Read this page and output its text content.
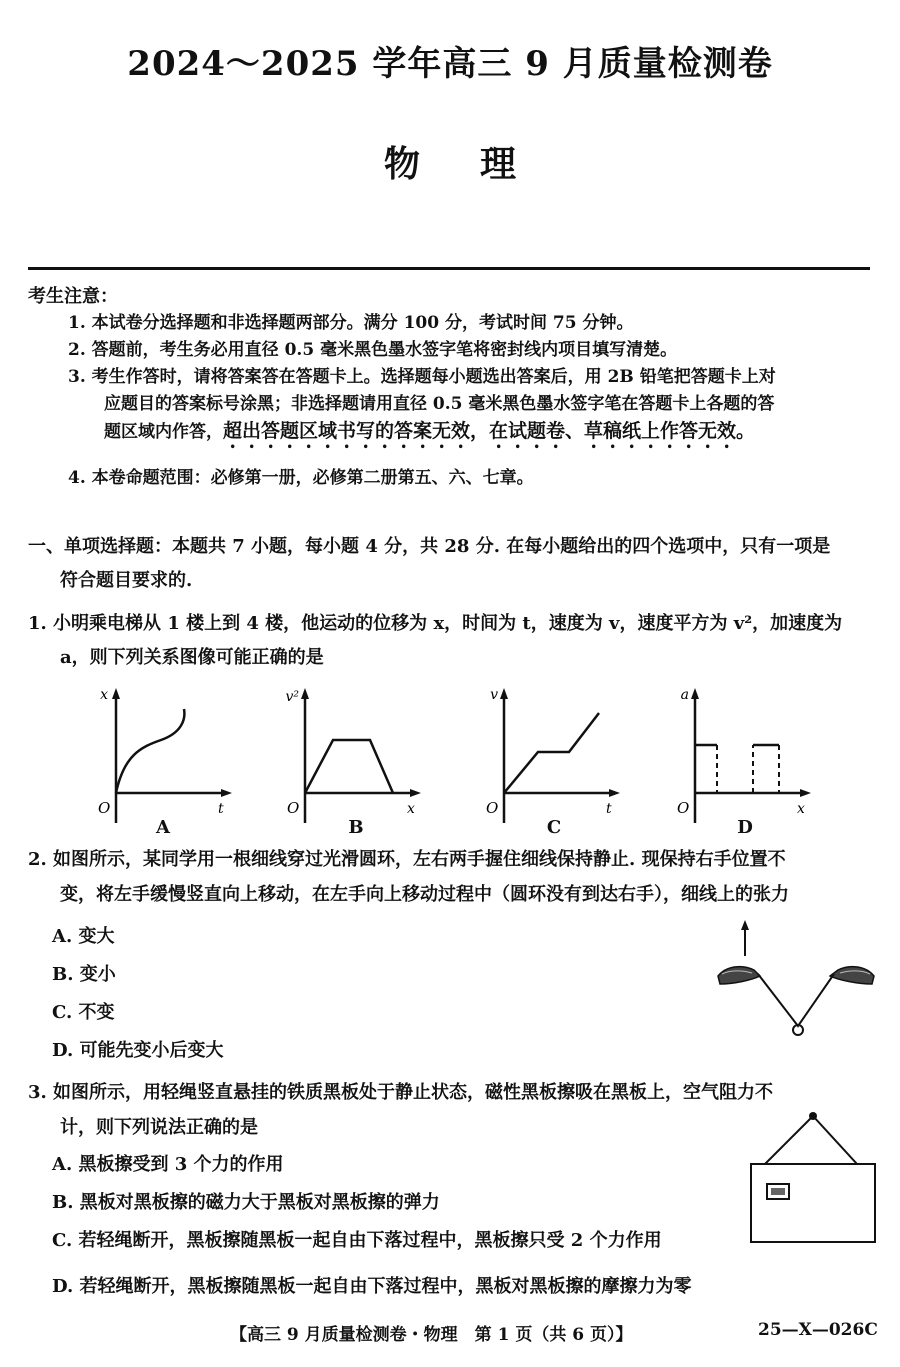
2024～2025 学年高三 9 月质量检测卷
物理
考生注意：
1. 本试卷分选择题和非选择题两部分。满分 100 分，考试时间 75 分钟。
2. 答题前，考生务必用直径 0.5 毫米黑色墨水签字笔将密封线内项目填写清楚。
3. 考生作答时，请将答案答在答题卡上。选择题每小题选出答案后，用 2B 铅笔把答题卡上对
应题目的答案标号涂黑；非选择题请用直径 0.5 毫米黑色墨水签字笔在答题卡上各题的答
题区域内作答，超出答题区域书写的答案无效，在试题卷、草稿纸上作答无效。
4. 本卷命题范围：必修第一册，必修第二册第五、六、七章。
一、单项选择题：本题共 7 小题，每小题 4 分，共 28 分. 在每小题给出的四个选项中，只有一项是
符合题目要求的.
1. 小明乘电梯从 1 楼上到 4 楼，他运动的位移为 x，时间为 t，速度为 v，速度平方为 v²，加速度为
a，则下列关系图像可能正确的是
x
t
O
A
v²
x
O
B
v
t
O
C
a
x
O
D
2. 如图所示，某同学用一根细线穿过光滑圆环，左右两手握住细线保持静止. 现保持右手位置不
变，将左手缓慢竖直向上移动，在左手向上移动过程中（圆环没有到达右手），细线上的张力
A. 变大
B. 变小
C. 不变
D. 可能先变小后变大
3. 如图所示，用轻绳竖直悬挂的铁质黑板处于静止状态，磁性黑板擦吸在黑板上，空气阻力不
计，则下列说法正确的是
A. 黑板擦受到 3 个力的作用
B. 黑板对黑板擦的磁力大于黑板对黑板擦的弹力
C. 若轻绳断开，黑板擦随黑板一起自由下落过程中，黑板擦只受 2 个力作用
D. 若轻绳断开，黑板擦随黑板一起自由下落过程中，黑板对黑板擦的摩擦力为零
【高三 9 月质量检测卷・物理　第 1 页（共 6 页）】	25—X—026C
